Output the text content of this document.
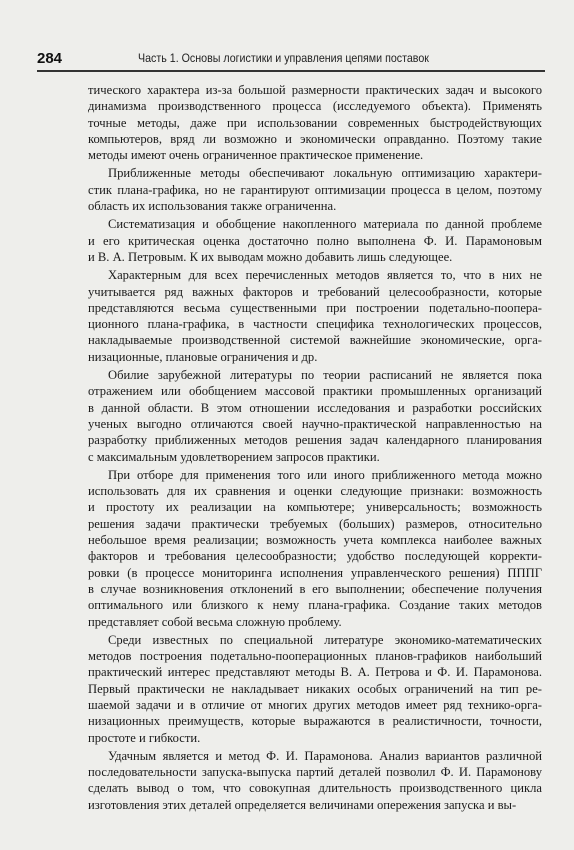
284	Часть 1. Основы логистики и управления цепями поставок
тического характера из-за большой размерности практических задач и высокого
динамизма производственного процесса (исследуемого объекта). Применять
точные методы, даже при использовании современных быстродействующих
компьютеров, вряд ли возможно и экономически оправданно. Поэтому такие
методы имеют очень ограниченное практическое применение.
Приближенные методы обеспечивают локальную оптимизацию характери-
стик плана-графика, но не гарантируют оптимизации процесса в целом, поэтому
область их использования также ограниченна.
Систематизация и обобщение накопленного материала по данной проблеме
и его критическая оценка достаточно полно выполнена Ф. И. Парамоновым
и В. А. Петровым. К их выводам можно добавить лишь следующее.
Характерным для всех перечисленных методов является то, что в них не
учитывается ряд важных факторов и требований целесообразности, которые
представляются весьма существенными при построении подетально-поопера-
ционного плана-графика, в частности специфика технологических процессов,
накладываемые производственной системой важнейшие экономические, орга-
низационные, плановые ограничения и др.
Обилие зарубежной литературы по теории расписаний не является пока
отражением или обобщением массовой практики промышленных организаций
в данной области. В этом отношении исследования и разработки российских
ученых выгодно отличаются своей научно-практической направленностью на
разработку приближенных методов решения задач календарного планирования
с максимальным удовлетворением запросов практики.
При отборе для применения того или иного приближенного метода можно
использовать для их сравнения и оценки следующие признаки: возможность
и простоту их реализации на компьютере; универсальность; возможность
решения задачи практически требуемых (больших) размеров, относительно
небольшое время реализации; возможность учета комплекса наиболее важных
факторов и требования целесообразности; удобство последующей корректи-
ровки (в процессе мониторинга исполнения управленческого решения) ПППГ
в случае возникновения отклонений в его выполнении; обеспечение получения
оптимального или близкого к нему плана-графика. Создание таких методов
представляет собой весьма сложную проблему.
Среди известных по специальной литературе экономико-математических
методов построения подетально-пооперационных планов-графиков наибольший
практический интерес представляют методы В. А. Петрова и Ф. И. Парамонова.
Первый практически не накладывает никаких особых ограничений на тип ре-
шаемой задачи и в отличие от многих других методов имеет ряд технико-орга-
низационных преимуществ, которые выражаются в реалистичности, точности,
простоте и гибкости.
Удачным является и метод Ф. И. Парамонова. Анализ вариантов различной
последовательности запуска-выпуска партий деталей позволил Ф. И. Парамонову
сделать вывод о том, что совокупная длительность производственного цикла
изготовления этих деталей определяется величинами опережения запуска и вы-
